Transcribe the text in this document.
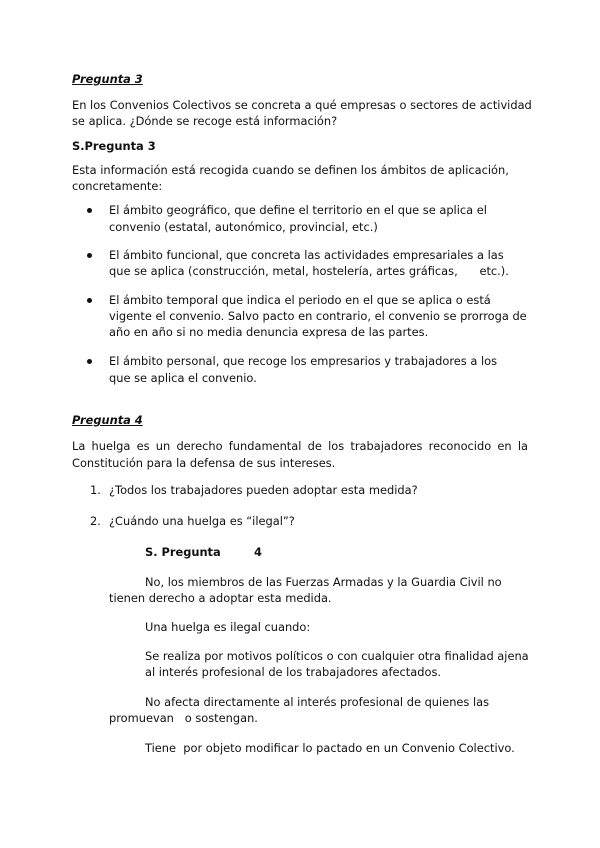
Pregunta 3
En los Convenios Colectivos se concreta a qué empresas o sectores de actividad
se aplica. ¿Dónde se recoge está información?
S.Pregunta 3
Esta información está recogida cuando se definen los ámbitos de aplicación,
concretamente:
El ámbito geográfico, que define el territorio en el que se aplica el
convenio (estatal, autonómico, provincial, etc.)
El ámbito funcional, que concreta las actividades empresariales a las
que se aplica (construcción, metal, hostelería, artes gráficas,      etc.).
El ámbito temporal que indica el periodo en el que se aplica o está
vigente el convenio. Salvo pacto en contrario, el convenio se prorroga de
año en año si no media denuncia expresa de las partes.
El ámbito personal, que recoge los empresarios y trabajadores a los
que se aplica el convenio.
Pregunta 4
La huelga es un derecho fundamental de los trabajadores reconocido en la
Constitución para la defensa de sus intereses.
1. ¿Todos los trabajadores pueden adoptar esta medida?
2. ¿Cuándo una huelga es “ilegal”?
S. Pregunta	4
No, los miembros de las Fuerzas Armadas y la Guardia Civil no
tienen derecho a adoptar esta medida.
Una huelga es ilegal cuando:
Se realiza por motivos políticos o con cualquier otra finalidad ajena
al interés profesional de los trabajadores afectados.
No afecta directamente al interés profesional de quienes las
promuevan   o sostengan.
Tiene  por objeto modificar lo pactado en un Convenio Colectivo.
